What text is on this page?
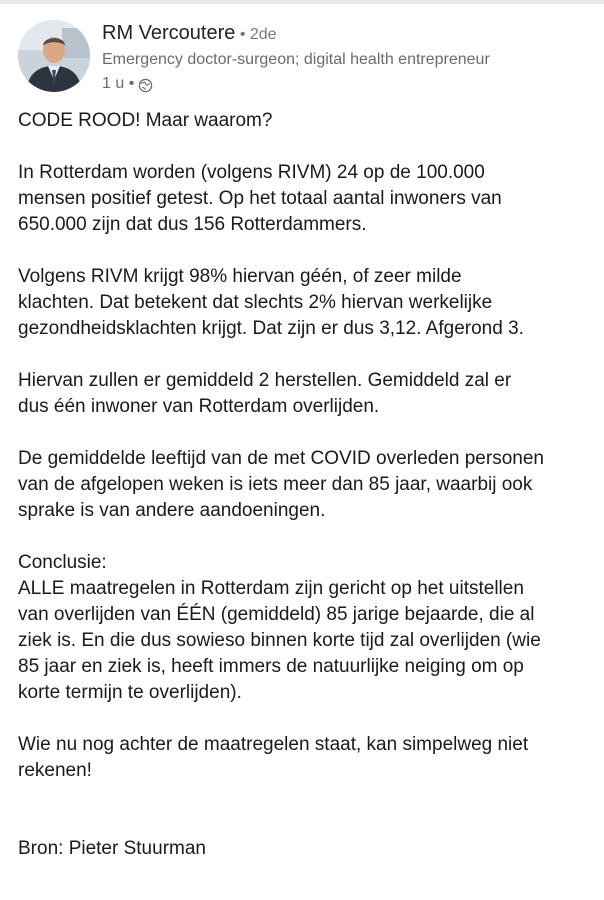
RM Vercoutere • 2de
Emergency doctor-surgeon; digital health entrepreneur
1 u •

CODE ROOD! Maar waarom?

In Rotterdam worden (volgens RIVM) 24 op de 100.000
mensen positief getest. Op het totaal aantal inwoners van
650.000 zijn dat dus 156 Rotterdammers.

Volgens RIVM krijgt 98% hiervan géén, of zeer milde
klachten. Dat betekent dat slechts 2% hiervan werkelijke
gezondheidsklachten krijgt. Dat zijn er dus 3,12. Afgerond 3.

Hiervan zullen er gemiddeld 2 herstellen. Gemiddeld zal er
dus één inwoner van Rotterdam overlijden.

De gemiddelde leeftijd van de met COVID overleden personen
van de afgelopen weken is iets meer dan 85 jaar, waarbij ook
sprake is van andere aandoeningen.

Conclusie:
ALLE maatregelen in Rotterdam zijn gericht op het uitstellen
van overlijden van ÉÉN (gemiddeld) 85 jarige bejaarde, die al
ziek is. En die dus sowieso binnen korte tijd zal overlijden (wie
85 jaar en ziek is, heeft immers de natuurlijke neiging om op
korte termijn te overlijden).

Wie nu nog achter de maatregelen staat, kan simpelweg niet
rekenen!

Bron: Pieter Stuurman
